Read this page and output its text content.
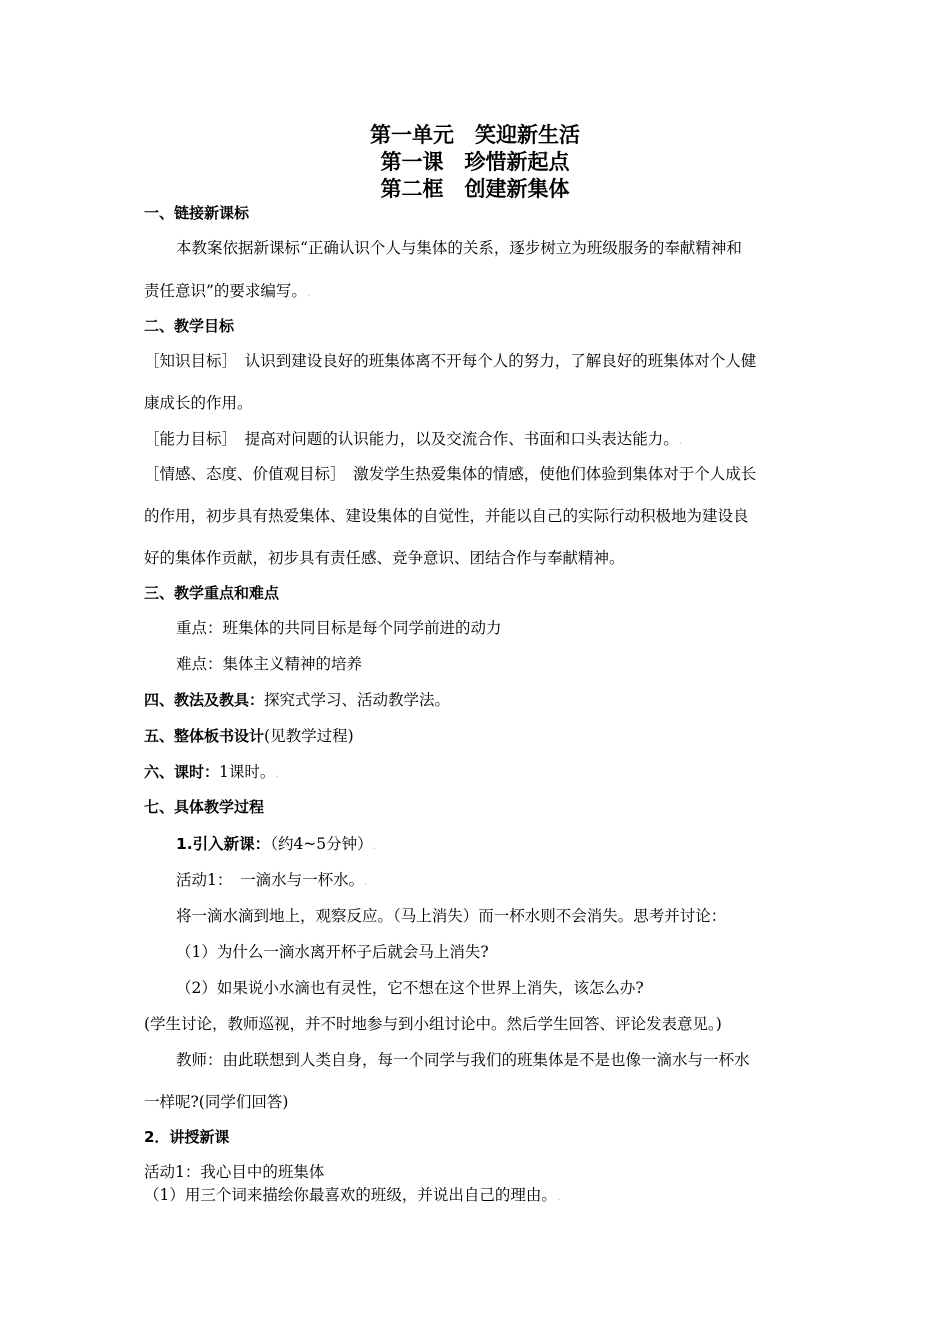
第一单元　笑迎新生活
第一课　珍惜新起点
第二框　创建新集体
一、链接新课标
本教案依据新课标“正确认识个人与集体的关系，逐步树立为班级服务的奉献精神和
责任意识”的要求编写。.
二、教学目标
［知识目标］　认识到建设良好的班集体离不开每个人的努力，了解良好的班集体对个人健
康成长的作用。
［能力目标］　提高对问题的认识能力，以及交流合作、书面和口头表达能力。.
［情感、态度、价值观目标］　激发学生热爱集体的情感，使他们体验到集体对于个人成长
的作用，初步具有热爱集体、建设集体的自觉性，并能以自己的实际行动积极地为建设良
好的集体作贡献，初步具有责任感、竞争意识、团结合作与奉献精神。
三、教学重点和难点
重点：班集体的共同目标是每个同学前进的动力
难点：集体主义精神的培养
四、教法及教具：探究式学习、活动教学法。
五、整体板书设计(见教学过程)
六、课时：1课时。.
七、具体教学过程
1.引入新课：（约4~5分钟）.
活动1：　一滴水与一杯水。.
将一滴水滴到地上，观察反应。（马上消失）而一杯水则不会消失。思考并讨论：
（1）为什么一滴水离开杯子后就会马上消失?
（2）如果说小水滴也有灵性，它不想在这个世界上消失，该怎么办?
(学生讨论，教师巡视，并不时地参与到小组讨论中。然后学生回答、评论发表意见。)
教师：由此联想到人类自身，每一个同学与我们的班集体是不是也像一滴水与一杯水
一样呢?(同学们回答)
2．讲授新课
活动1：我心目中的班集体
（1）用三个词来描绘你最喜欢的班级，并说出自己的理由。.
